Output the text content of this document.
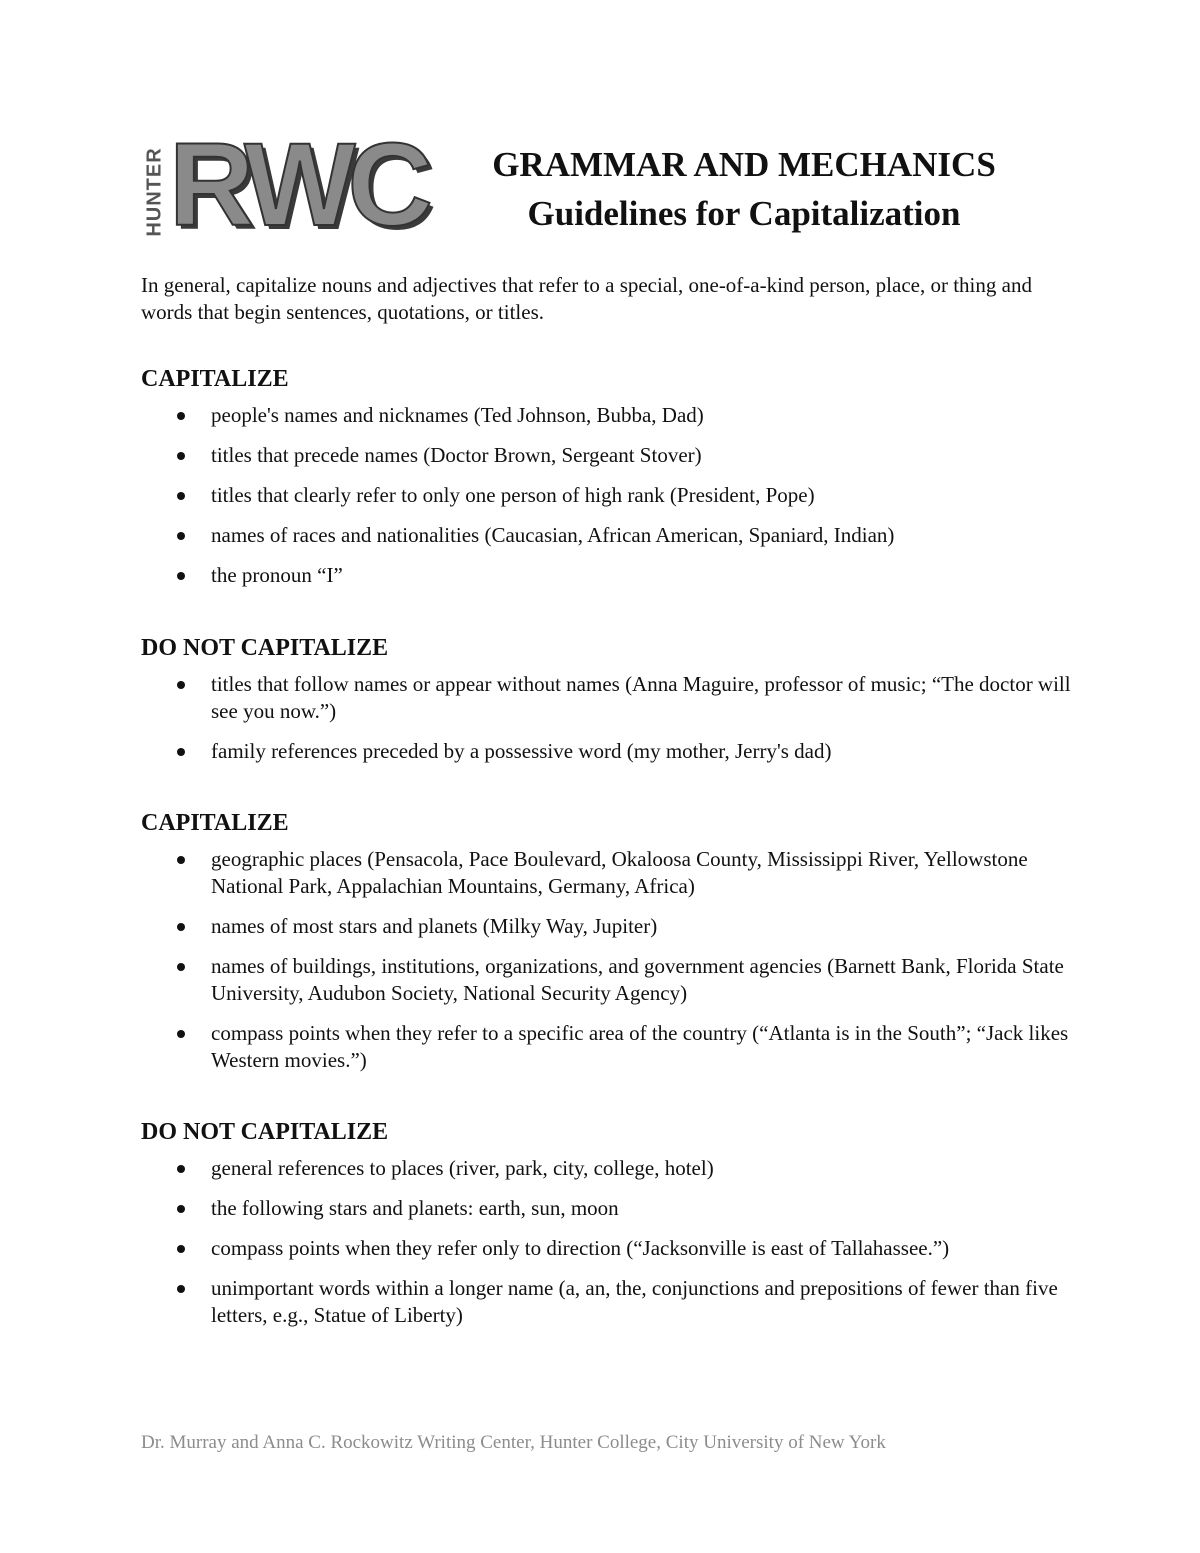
HUNTER RWC	GRAMMAR AND MECHANICS

Guidelines for Capitalization

In general, capitalize nouns and adjectives that refer to a special, one-of-a-kind person, place, or thing and words that begin sentences, quotations, or titles.

CAPITALIZE
people's names and nicknames (Ted Johnson, Bubba, Dad)
titles that precede names (Doctor Brown, Sergeant Stover)
titles that clearly refer to only one person of high rank (President, Pope)
names of races and nationalities (Caucasian, African American, Spaniard, Indian)
the pronoun “I”
DO NOT CAPITALIZE
titles that follow names or appear without names (Anna Maguire, professor of music; “The doctor will see you now.”)
family references preceded by a possessive word (my mother, Jerry's dad)
CAPITALIZE
geographic places (Pensacola, Pace Boulevard, Okaloosa County, Mississippi River, Yellowstone National Park, Appalachian Mountains, Germany, Africa)
names of most stars and planets (Milky Way, Jupiter)
names of buildings, institutions, organizations, and government agencies (Barnett Bank, Florida State University, Audubon Society, National Security Agency)
compass points when they refer to a specific area of the country (“Atlanta is in the South”; “Jack likes Western movies.”)
DO NOT CAPITALIZE
general references to places (river, park, city, college, hotel)
the following stars and planets: earth, sun, moon
compass points when they refer only to direction (“Jacksonville is east of Tallahassee.”)
unimportant words within a longer name (a, an, the, conjunctions and prepositions of fewer than five letters, e.g., Statue of Liberty)

Dr. Murray and Anna C. Rockowitz Writing Center, Hunter College, City University of New York
